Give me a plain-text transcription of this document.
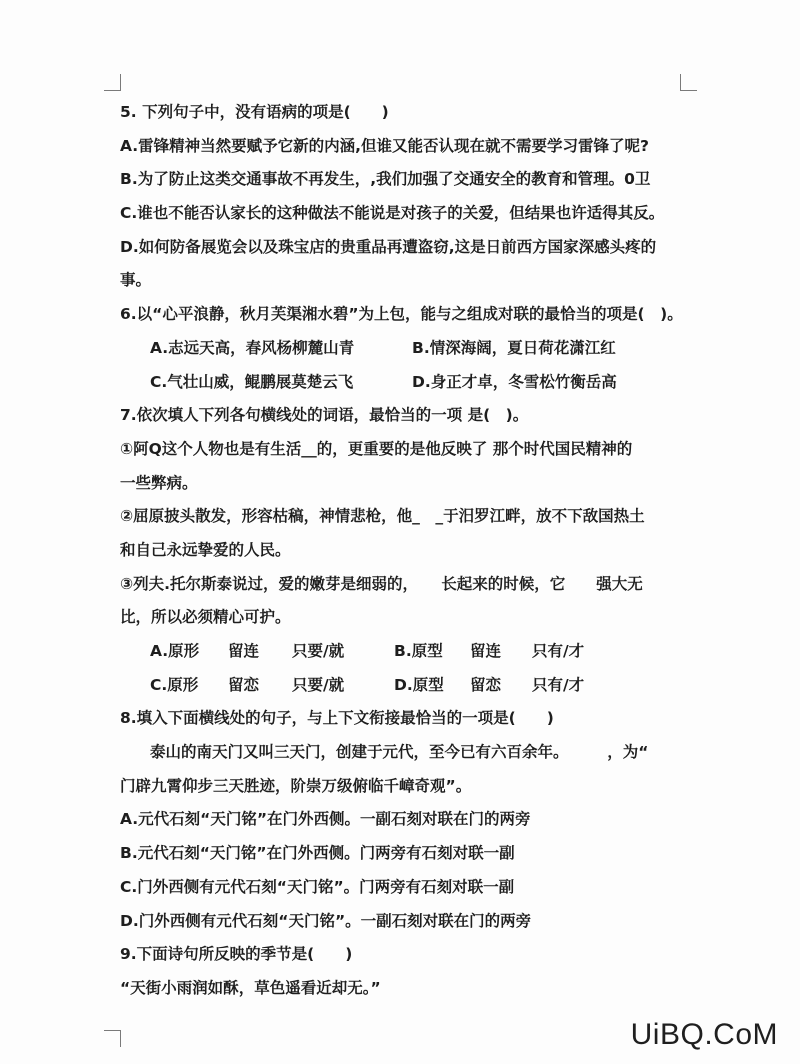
5. 下列句子中，没有语病的项是(　　)
A.雷锋精神当然要赋予它新的内涵,但谁又能否认现在就不需要学习雷锋了呢?
B.为了防止这类交通事故不再发生，,我们加强了交通安全的教育和管理。0卫
C.谁也不能否认家长的这种做法不能说是对孩子的关爱，但结果也许适得其反。
D.如何防备展览会以及珠宝店的贵重品再遭盗窃,这是日前西方国家深感头疼的
事。
6.以“心平浪静，秋月芙渠湘水碧”为上包，能与之组成对联的最恰当的项是(　)。
A.志远天高，春风杨柳麓山青	B.情深海阔，夏日荷花潇江红
C.气壮山威，鲲鹏展莫楚云飞	D.身正才卓，冬雪松竹衡岳高
7.依次填人下列各句横线处的词语，最恰当的一项 是(　)。
①阿Q这个人物也是有生活__的，更重要的是他反映了 那个时代国民精神的
一些弊病。
②屈原披头散发，形容枯稿，神情悲枪，他_　_于汨罗江畔，放不下敌国热土
和自己永远挚爱的人民。
③列夫.托尔斯泰说过，爱的嫩芽是细弱的，　　长起来的时候，它　　强大无
比，所以必须精心可护。
A.原形	留连	只要/就	B.原型	留连	只有/才
C.原形	留恋	只要/就	D.原型	留恋	只有/才
8.填入下面横线处的句子，与上下文衔接最恰当的一项是(　　)
泰山的南天门又叫三天门，创建于元代，至今已有六百余年。　　　，为“
门辟九霄仰步三天胜迹，阶崇万级俯临千嶂奇观”。
A.元代石刻“天门铭”在门外西侧。一副石刻对联在门的两旁
B.元代石刻“天门铭”在门外西侧。门两旁有石刻对联一副
C.门外西侧有元代石刻“天门铭”。门两旁有石刻对联一副
D.门外西侧有元代石刻“天门铭”。一副石刻对联在门的两旁
9.下面诗句所反映的季节是(　　)
“天街小雨润如酥，草色遥看近却无。”
UiBQ.CoM
